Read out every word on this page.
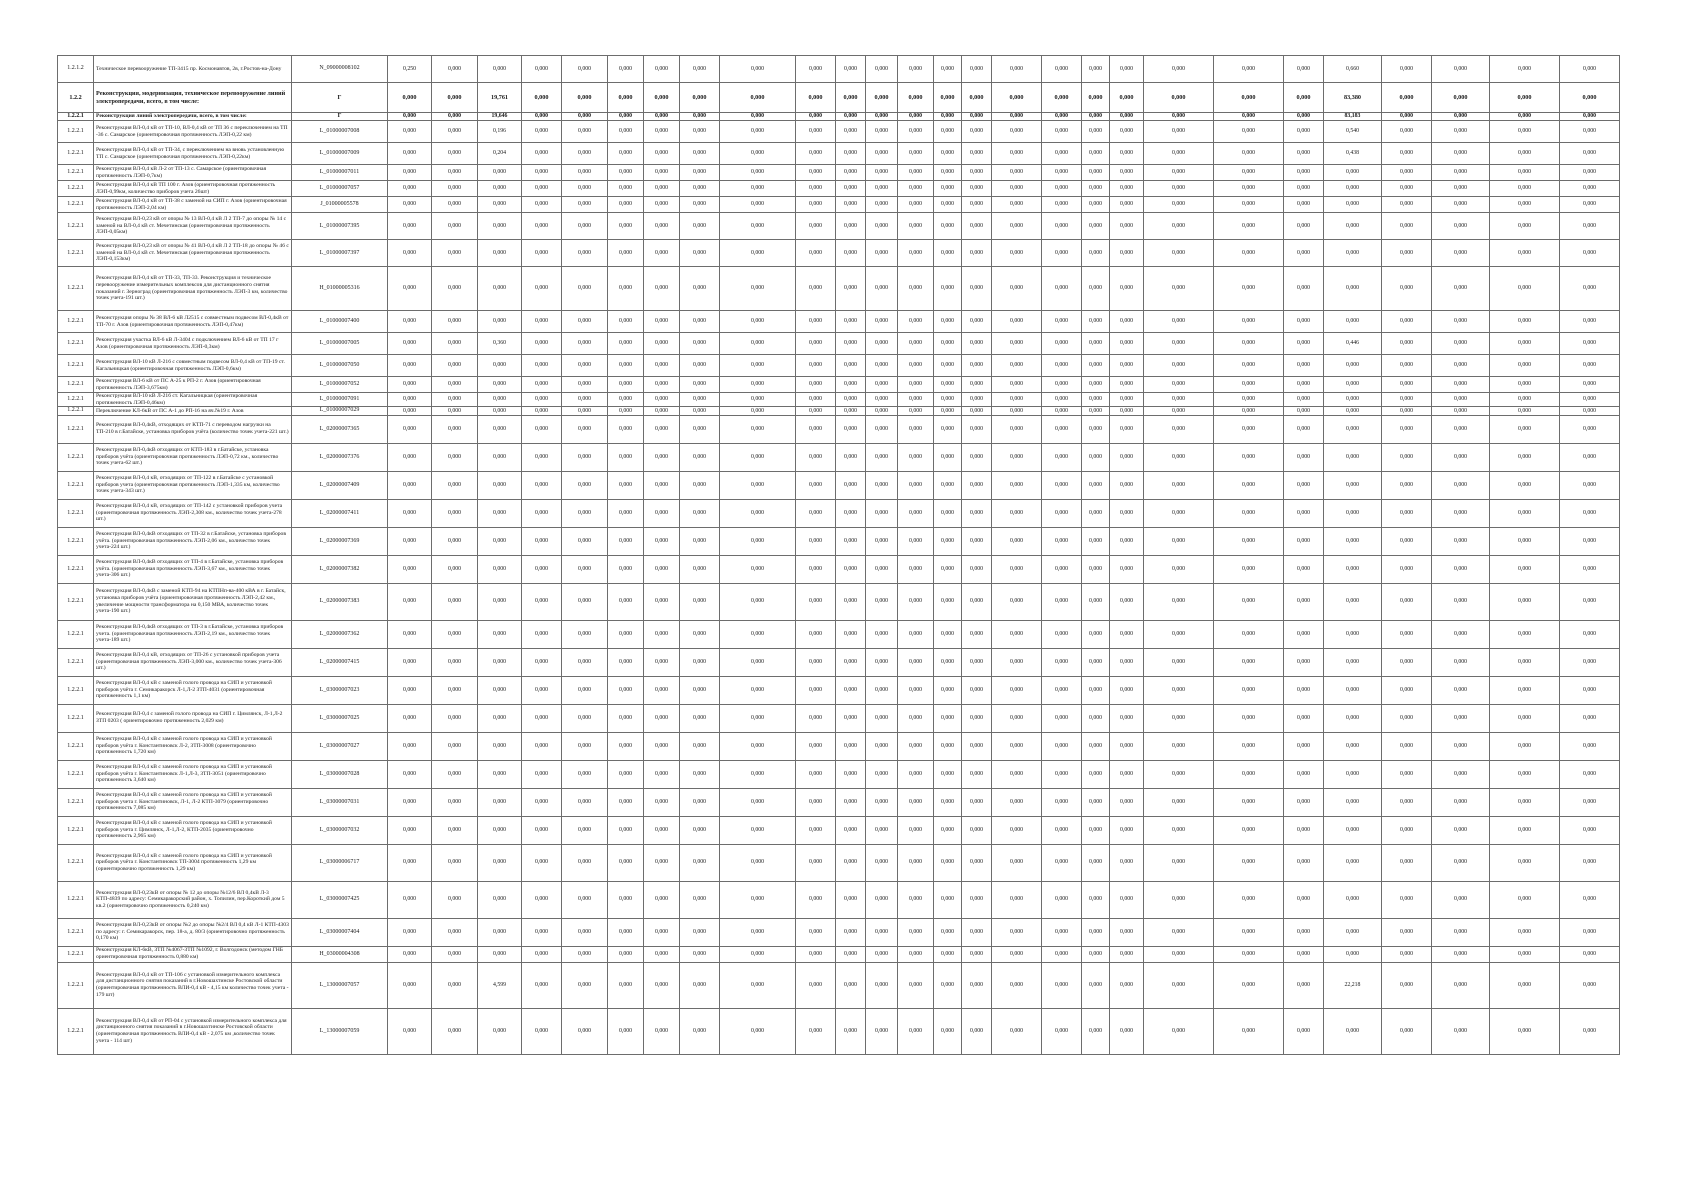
1.2.1.2	Техническое перевооружение ТП-3415 пр. Космонавтов, 2в, г.Ростов-на-Дону	N_09000008102	0,250	0,000	0,000	0,000	0,000	0,000	0,000	0,000	0,000	0,000	0,000	0,000	0,000	0,000	0,000	0,000	0,000	0,000	0,000	0,000	0,000	0,000	0,660	0,000	0,000	0,000	0,000
1.2.2	Реконструкция, модернизация, техническое перевооружение линий электропередачи, всего, в том числе:	Г	0,000	0,000	19,761	0,000	0,000	0,000	0,000	0,000	0,000	0,000	0,000	0,000	0,000	0,000	0,000	0,000	0,000	0,000	0,000	0,000	0,000	0,000	83,380	0,000	0,000	0,000	0,000
1.2.2.1	Реконструкция линий электропередачи, всего, в том числе:	Г	0,000	0,000	19,646	0,000	0,000	0,000	0,000	0,000	0,000	0,000	0,000	0,000	0,000	0,000	0,000	0,000	0,000	0,000	0,000	0,000	0,000	0,000	83,183	0,000	0,000	0,000	0,000
1.2.2.1	Реконструкция ВЛ-0,4 кВ от ТП-10, ВЛ-0,4 кВ от ТП 36 с переключением на ТП -36 с. Самарское (ориентировочная протяженность ЛЭП-0,22 км)	L_01000007008	0,000	0,000	0,196	0,000	0,000	0,000	0,000	0,000	0,000	0,000	0,000	0,000	0,000	0,000	0,000	0,000	0,000	0,000	0,000	0,000	0,000	0,000	0,540	0,000	0,000	0,000	0,000
1.2.2.1	Реконструкция ВЛ-0,4 кВ от ТП-34, с переключением на вновь установленную ТП с. Самарское (ориентировочная протяженность ЛЭП-0,22км)	L_01000007009	0,000	0,000	0,204	0,000	0,000	0,000	0,000	0,000	0,000	0,000	0,000	0,000	0,000	0,000	0,000	0,000	0,000	0,000	0,000	0,000	0,000	0,000	0,438	0,000	0,000	0,000	0,000
1.2.2.1	Реконструкция ВЛ-0,4 кВ Л-2 от ТП-13 с. Самарское (ориентировочная протяженность ЛЭП-0,7км)	L_01000007011	0,000	0,000	0,000	0,000	0,000	0,000	0,000	0,000	0,000	0,000	0,000	0,000	0,000	0,000	0,000	0,000	0,000	0,000	0,000	0,000	0,000	0,000	0,000	0,000	0,000	0,000	0,000
1.2.2.1	Реконструкция ВЛ-0,4 кВ ТП 100 г. Азов (ориентировочная протяженность ЛЭП-0,99км, количество приборов учета 26шт)	L_01000007057	0,000	0,000	0,000	0,000	0,000	0,000	0,000	0,000	0,000	0,000	0,000	0,000	0,000	0,000	0,000	0,000	0,000	0,000	0,000	0,000	0,000	0,000	0,000	0,000	0,000	0,000	0,000
1.2.2.1	Реконструкция ВЛ-0,4 кВ от ТП-38 с заменой на СИП г. Азов (ориентировочная протяженность ЛЭП-2,04 км)	J_01000005578	0,000	0,000	0,000	0,000	0,000	0,000	0,000	0,000	0,000	0,000	0,000	0,000	0,000	0,000	0,000	0,000	0,000	0,000	0,000	0,000	0,000	0,000	0,000	0,000	0,000	0,000	0,000
1.2.2.1	Реконструкция ВЛ-0,23 кВ от опоры № 13 ВЛ-0,4 кВ Л 2 ТП-7 до опоры № 14 с заменой на ВЛ-0,4 кВ ст. Мечетинская (ориентировочная протяженность ЛЭП-0,05км)	L_01000007395	0,000	0,000	0,000	0,000	0,000	0,000	0,000	0,000	0,000	0,000	0,000	0,000	0,000	0,000	0,000	0,000	0,000	0,000	0,000	0,000	0,000	0,000	0,000	0,000	0,000	0,000	0,000
1.2.2.1	Реконструкция ВЛ-0,23 кВ от опоры № 41 ВЛ-0,4 кВ Л 2 ТП-18 до опоры № 46 с заменой на ВЛ-0,4 кВ ст. Мечетинская (ориентировочная протяженность ЛЭП-0,153км)	L_01000007397	0,000	0,000	0,000	0,000	0,000	0,000	0,000	0,000	0,000	0,000	0,000	0,000	0,000	0,000	0,000	0,000	0,000	0,000	0,000	0,000	0,000	0,000	0,000	0,000	0,000	0,000	0,000
1.2.2.1	Реконструкция ВЛ-0,4 кВ от ТП-33, ТП-33. Реконструкция и техническое перевооружение измерительных комплексов для дистанционного снятия показаний г. Зерноград (ориентировочная протяженность ЛЭП-3 км, количество точек учета-191 шт.)	H_01000005316	0,000	0,000	0,000	0,000	0,000	0,000	0,000	0,000	0,000	0,000	0,000	0,000	0,000	0,000	0,000	0,000	0,000	0,000	0,000	0,000	0,000	0,000	0,000	0,000	0,000	0,000	0,000
1.2.2.1	Реконструкция опоры № 38 ВЛ-6 кВ Л2515 с совместным подвесом ВЛ-0,4кВ от ТП-70 г. Азов (ориентировочная протяженность ЛЭП-0,47км)	L_01000007400	0,000	0,000	0,000	0,000	0,000	0,000	0,000	0,000	0,000	0,000	0,000	0,000	0,000	0,000	0,000	0,000	0,000	0,000	0,000	0,000	0,000	0,000	0,000	0,000	0,000	0,000	0,000
1.2.2.1	Реконструкция участка ВЛ-6 кВ Л-3404 с подключением ВЛ-6 кВ от ТП 17 г Азов (ориентировочная протяженность ЛЭП-0,3км)	L_01000007005	0,000	0,000	0,360	0,000	0,000	0,000	0,000	0,000	0,000	0,000	0,000	0,000	0,000	0,000	0,000	0,000	0,000	0,000	0,000	0,000	0,000	0,000	0,446	0,000	0,000	0,000	0,000
1.2.2.1	Реконструкция ВЛ-10 кВ Л-216 с совместным подвесом ВЛ-0,4 кВ от ТП-19 ст. Кагальницкая (ориентировочная протяженность ЛЭП-0,6км)	L_01000007050	0,000	0,000	0,000	0,000	0,000	0,000	0,000	0,000	0,000	0,000	0,000	0,000	0,000	0,000	0,000	0,000	0,000	0,000	0,000	0,000	0,000	0,000	0,000	0,000	0,000	0,000	0,000
1.2.2.1	Реконструкция ВЛ-6 кВ от ПС А-25 к РП-2 г. Азов (ориентировочная протяженность ЛЭП-3,675км)	L_01000007052	0,000	0,000	0,000	0,000	0,000	0,000	0,000	0,000	0,000	0,000	0,000	0,000	0,000	0,000	0,000	0,000	0,000	0,000	0,000	0,000	0,000	0,000	0,000	0,000	0,000	0,000	0,000
1.2.2.1	Реконструкция ВЛ-10 кВ Л-216 ст. Кагальницкая (ориентировочная протяженность ЛЭП-0,46км)	L_01000007091	0,000	0,000	0,000	0,000	0,000	0,000	0,000	0,000	0,000	0,000	0,000	0,000	0,000	0,000	0,000	0,000	0,000	0,000	0,000	0,000	0,000	0,000	0,000	0,000	0,000	0,000	0,000
1.2.2.1	Переключение КЛ-6кВ от ПС А-1 до РП-16 на яч.№19 г. Азов	L_01000007029	0,000	0,000	0,000	0,000	0,000	0,000	0,000	0,000	0,000	0,000	0,000	0,000	0,000	0,000	0,000	0,000	0,000	0,000	0,000	0,000	0,000	0,000	0,000	0,000	0,000	0,000	0,000
1.2.2.1	Реконструкция ВЛ-0,4кВ, отходящих от КТП-71 с переводом нагрузки на ТП-210 в г.Батайске, установка приборов учёта (количество точек учета-221 шт.)	L_02000007365	0,000	0,000	0,000	0,000	0,000	0,000	0,000	0,000	0,000	0,000	0,000	0,000	0,000	0,000	0,000	0,000	0,000	0,000	0,000	0,000	0,000	0,000	0,000	0,000	0,000	0,000	0,000
1.2.2.1	Реконструкция ВЛ-0,4кВ отходящих от КТП-183 в г.Батайске, установка приборов учёта (ориентировочная протяженность ЛЭП-0,72 км., количество точек учета-62 шт.)	L_02000007376	0,000	0,000	0,000	0,000	0,000	0,000	0,000	0,000	0,000	0,000	0,000	0,000	0,000	0,000	0,000	0,000	0,000	0,000	0,000	0,000	0,000	0,000	0,000	0,000	0,000	0,000	0,000
1.2.2.1	Реконструкция ВЛ-0,4 кВ, отходящих от ТП-122 в г.Батайске с установкой приборов учета (ориентировочная протяженность ЛЭП-1,335 км, количество точек учета-343 шт.)	L_02000007409	0,000	0,000	0,000	0,000	0,000	0,000	0,000	0,000	0,000	0,000	0,000	0,000	0,000	0,000	0,000	0,000	0,000	0,000	0,000	0,000	0,000	0,000	0,000	0,000	0,000	0,000	0,000
1.2.2.1	Реконструкция ВЛ-0,4 кВ, отходящих от ТП-142 с установкой приборов учета (ориентировочная протяженность ЛЭП-2,308 км., количество точек учета-278 шт.)	L_02000007411	0,000	0,000	0,000	0,000	0,000	0,000	0,000	0,000	0,000	0,000	0,000	0,000	0,000	0,000	0,000	0,000	0,000	0,000	0,000	0,000	0,000	0,000	0,000	0,000	0,000	0,000	0,000
1.2.2.1	Реконструкция ВЛ-0,4кВ отходящих от ТП-32 в г.Батайске, установка приборов учёта. (ориентировочная протяженность ЛЭП-2,06 км., количество точек учета-224 шт.)	L_02000007369	0,000	0,000	0,000	0,000	0,000	0,000	0,000	0,000	0,000	0,000	0,000	0,000	0,000	0,000	0,000	0,000	0,000	0,000	0,000	0,000	0,000	0,000	0,000	0,000	0,000	0,000	0,000
1.2.2.1	Реконструкция ВЛ-0,4кВ отходящих от ТП-4 в г.Батайске, установка приборов учёта. (ориентировочная протяженность ЛЭП-3,67 км., количество точек учета-306 шт.)	L_02000007382	0,000	0,000	0,000	0,000	0,000	0,000	0,000	0,000	0,000	0,000	0,000	0,000	0,000	0,000	0,000	0,000	0,000	0,000	0,000	0,000	0,000	0,000	0,000	0,000	0,000	0,000	0,000
1.2.2.1	Реконструкция ВЛ-0,4кВ с заменой КТП-94 на КТПНп-ва-400 кВА в г. Батайск, установка приборов учёта (ориентировочная протяженность ЛЭП-2,42 км., увеличение мощности трансформатора на 0,150 МВА, количество точек учета-190 шт.)	L_02000007383	0,000	0,000	0,000	0,000	0,000	0,000	0,000	0,000	0,000	0,000	0,000	0,000	0,000	0,000	0,000	0,000	0,000	0,000	0,000	0,000	0,000	0,000	0,000	0,000	0,000	0,000	0,000
1.2.2.1	Реконструкция ВЛ-0,4кВ отходящих от ТП-3 в г.Батайске, установка приборов учета. (ориентировочная протяженность ЛЭП-2,19 км., количество точек учета-189 шт.)	L_02000007362	0,000	0,000	0,000	0,000	0,000	0,000	0,000	0,000	0,000	0,000	0,000	0,000	0,000	0,000	0,000	0,000	0,000	0,000	0,000	0,000	0,000	0,000	0,000	0,000	0,000	0,000	0,000
1.2.2.1	Реконструкция ВЛ-0,4 кВ, отходящих от ТП-26 с установкой приборов учета (ориентировочная протяженность ЛЭП-3,000 км., количество точек учета-306 шт.)	L_02000007415	0,000	0,000	0,000	0,000	0,000	0,000	0,000	0,000	0,000	0,000	0,000	0,000	0,000	0,000	0,000	0,000	0,000	0,000	0,000	0,000	0,000	0,000	0,000	0,000	0,000	0,000	0,000
1.2.2.1	Реконструкция ВЛ-0,4 кВ с заменой голого провода на СИП и установкой приборов учёта г. Семикаракорск Л-1,Л-2 ЗТП-4031 (ориентировочная протяженность 1,1 км)	L_03000007023	0,000	0,000	0,000	0,000	0,000	0,000	0,000	0,000	0,000	0,000	0,000	0,000	0,000	0,000	0,000	0,000	0,000	0,000	0,000	0,000	0,000	0,000	0,000	0,000	0,000	0,000	0,000
1.2.2.1	Реконструкция ВЛ-0,4 с заменой голого провода на СИП г. Цимлянск, Л-1,Л-2 ЗТП 0203 ( ориентировочно протяженность 2,029 км)	L_03000007025	0,000	0,000	0,000	0,000	0,000	0,000	0,000	0,000	0,000	0,000	0,000	0,000	0,000	0,000	0,000	0,000	0,000	0,000	0,000	0,000	0,000	0,000	0,000	0,000	0,000	0,000	0,000
1.2.2.1	Реконструкция ВЛ-0,4 кВ с заменой голого провода на СИП и установкой приборов учёта г. Константиновск Л-2, ЗТП-3008 (ориентировочно протяженность 1,720 км)	L_03000007027	0,000	0,000	0,000	0,000	0,000	0,000	0,000	0,000	0,000	0,000	0,000	0,000	0,000	0,000	0,000	0,000	0,000	0,000	0,000	0,000	0,000	0,000	0,000	0,000	0,000	0,000	0,000
1.2.2.1	Реконструкция ВЛ-0,4 кВ с заменой голого провода на СИП и установкой приборов учёта г. Константиновск Л-1,Л-3, ЗТП-3051 (ориентировочно протяженность 3,640 км)	L_03000007028	0,000	0,000	0,000	0,000	0,000	0,000	0,000	0,000	0,000	0,000	0,000	0,000	0,000	0,000	0,000	0,000	0,000	0,000	0,000	0,000	0,000	0,000	0,000	0,000	0,000	0,000	0,000
1.2.2.1	Реконструкция ВЛ-0,4 кВ с заменой голого провода на СИП и установкой приборов учета г. Константиновск, Л-1, Л-2 КТП-3079 (ориентировочно протяженность 7,085 км)	L_03000007031	0,000	0,000	0,000	0,000	0,000	0,000	0,000	0,000	0,000	0,000	0,000	0,000	0,000	0,000	0,000	0,000	0,000	0,000	0,000	0,000	0,000	0,000	0,000	0,000	0,000	0,000	0,000
1.2.2.1	Реконструкция ВЛ-0,4 кВ с заменой голого провода на СИП и установкой приборов учета г. Цимлянск, Л-1,Л-2, КТП-2035 (ориентировочно протяженность 2,965 км)	L_03000007032	0,000	0,000	0,000	0,000	0,000	0,000	0,000	0,000	0,000	0,000	0,000	0,000	0,000	0,000	0,000	0,000	0,000	0,000	0,000	0,000	0,000	0,000	0,000	0,000	0,000	0,000	0,000
1.2.2.1	Реконструкция ВЛ-0,4 кВ с заменой голого провода на СИП и установкой приборов учёта г. Константиновск ТП-3004 протяженность 1,29 км (ориентировочно протяженность 1,29 км)	L_03000006717	0,000	0,000	0,000	0,000	0,000	0,000	0,000	0,000	0,000	0,000	0,000	0,000	0,000	0,000	0,000	0,000	0,000	0,000	0,000	0,000	0,000	0,000	0,000	0,000	0,000	0,000	0,000
1.2.2.1	Реконструкция ВЛ-0,23кВ от опоры № 12 до опоры №12/6 ВЛ 0,4кВ Л-3 КТП-4839 по адресу: Семикаракорский район, х. Топилин, пер.Короткий дом 5 кв.2 (ориентировочно протяженность 0,240 км)	L_03000007425	0,000	0,000	0,000	0,000	0,000	0,000	0,000	0,000	0,000	0,000	0,000	0,000	0,000	0,000	0,000	0,000	0,000	0,000	0,000	0,000	0,000	0,000	0,000	0,000	0,000	0,000	0,000
1.2.2.1	Реконструкция ВЛ-0,23кВ от опоры №2 до опоры №2/4 ВЛ 0,4 кВ Л-1 КТП-4303 по адресу: г. Семикаракорск, пер. 18-а, д. 80/3 (ориентировочно протяженность 0,170 км)	L_03000007404	0,000	0,000	0,000	0,000	0,000	0,000	0,000	0,000	0,000	0,000	0,000	0,000	0,000	0,000	0,000	0,000	0,000	0,000	0,000	0,000	0,000	0,000	0,000	0,000	0,000	0,000	0,000
1.2.2.1	Реконструкция КЛ-6кВ, ЗТП №4067-ЗТП №1092, г. Волгодонск (методом ГНБ ориентировочная протяженность 0,880 км)	H_03000004308	0,000	0,000	0,000	0,000	0,000	0,000	0,000	0,000	0,000	0,000	0,000	0,000	0,000	0,000	0,000	0,000	0,000	0,000	0,000	0,000	0,000	0,000	0,000	0,000	0,000	0,000	0,000
1.2.2.1	Реконструкция ВЛ-0,4 кВ от ТП-106 с установкой измерительного комплекса для дистанционного снятия показаний в г.Новошахтинске Ростовской области (ориентировочная протяженность ВЛИ-0,4 кВ - 4,15 км количество точек учета - 179 шт)	L_13000007057	0,000	0,000	4,599	0,000	0,000	0,000	0,000	0,000	0,000	0,000	0,000	0,000	0,000	0,000	0,000	0,000	0,000	0,000	0,000	0,000	0,000	0,000	22,218	0,000	0,000	0,000	0,000
1.2.2.1	Реконструкция ВЛ-0,4 кВ от РП-04 с установкой измерительного комплекса для дистанционного снятия показаний в г.Новошахтинске Ростовской области (ориентировочная протяженность ВЛИ-0,4 кВ - 2,075 км ,количество точек учета - 114 шт)	L_13000007059	0,000	0,000	0,000	0,000	0,000	0,000	0,000	0,000	0,000	0,000	0,000	0,000	0,000	0,000	0,000	0,000	0,000	0,000	0,000	0,000	0,000	0,000	0,000	0,000	0,000	0,000	0,000
